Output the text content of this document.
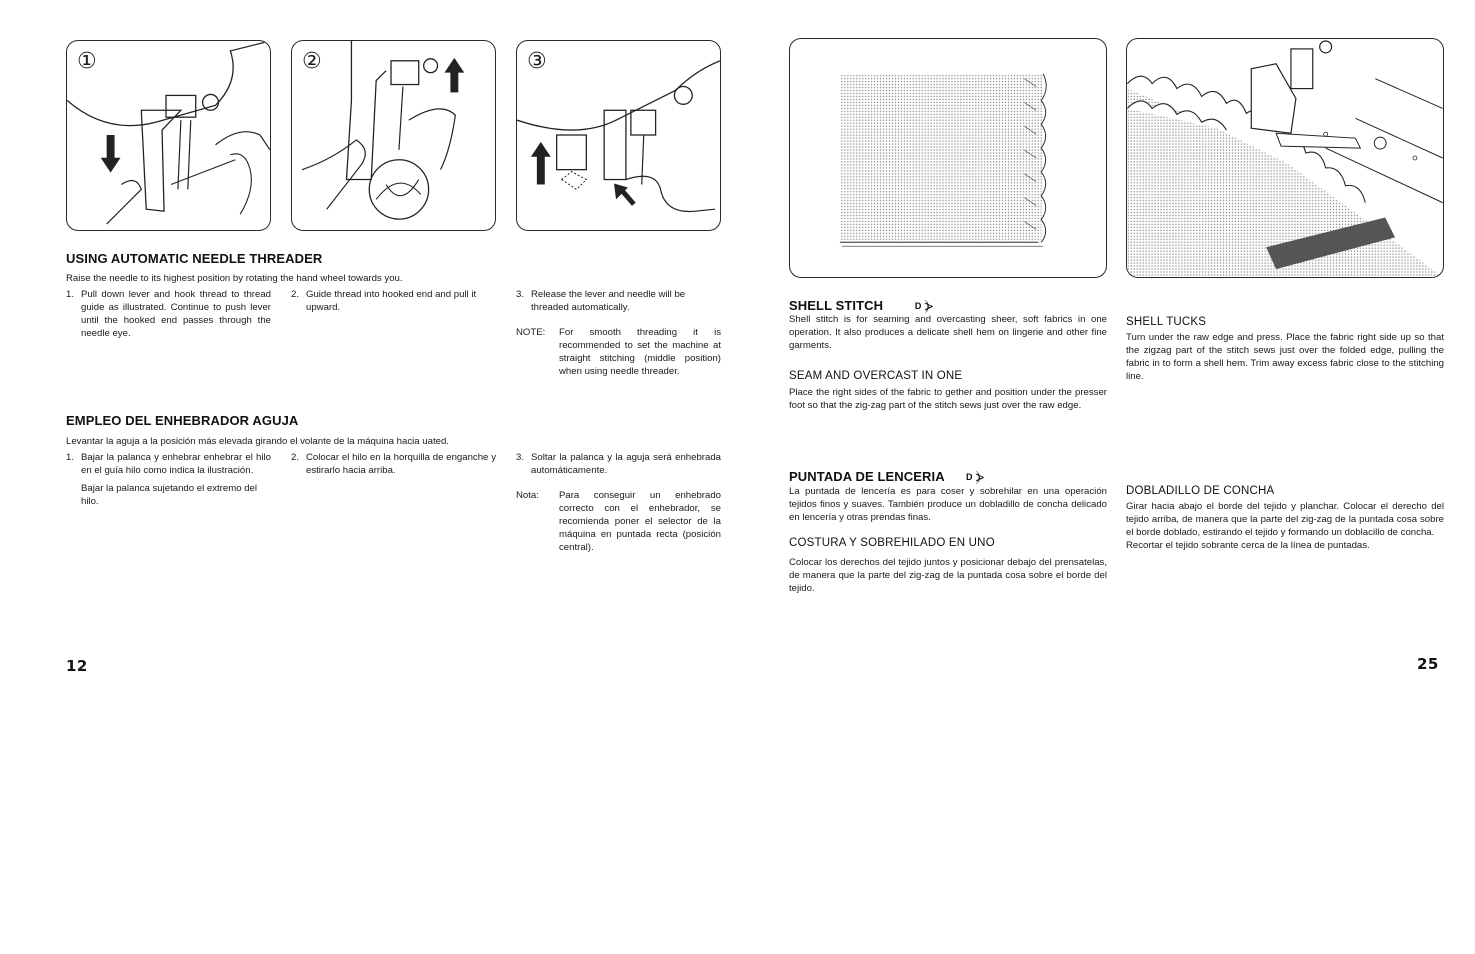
①	②	③
USING AUTOMATIC NEEDLE THREADER

Raise the needle to its highest position by rotating the hand wheel towards you.

1. Pull down lever and hook thread to thread guide as illustrated. Continue to push lever until the hooked end passes through the needle eye.
2. Guide thread into hooked end and pull it upward.
3. Release the lever and needle will be threaded automatically.
NOTE: For smooth threading it is recommended to set the machine at straight stitching (middle position) when using needle threader.
EMPLEO DEL ENHEBRADOR AGUJA

Levantar la aguja a la posición más elevada girando el volante de la máquina hacia uated.

1. Bajar la palanca y enhebrar enhebrar el hilo en el guía hilo como indica la ilustración.
Bajar la palanca sujetando el extremo del hilo.
2. Colocar el hilo en la horquilla de enganche y estirarlo hacia arriba.
3. Soltar la palanca y la aguja será enhebrada automáticamente.
Nota: Para conseguir un enhebrado correcto con el enhebrador, se recomienda poner el selector de la máquina en puntada recta (posición central).
12
SHELL STITCH	D ⦔

Shell stitch is for seaming and overcasting sheer, soft fabrics in one operation. It also produces a delicate shell hem on lingerie and other fine garments.

SEAM AND OVERCAST IN ONE

Place the right sides of the fabric to gether and position under the presser foot so that the zig-zag part of the stitch sews just over the raw edge.

SHELL TUCKS

Turn under the raw edge and press. Place the fabric right side up so that the zigzag part of the stitch sews just over the folded edge, pulling the fabric in to form a shell hem. Trim away excess fabric close to the stitching line.

PUNTADA DE LENCERIA D ⦔

La puntada de lencería es para coser y sobrehilar en una operación tejidos finos y suaves. También produce un dobladillo de concha delicado en lencería y otras prendas finas.

COSTURA Y SOBREHILADO EN UNO

Colocar los derechos del tejido juntos y posicionar debajo del prensatelas, de manera que la parte del zig-zag de la puntada cosa sobre el borde del tejido.

DOBLADILLO DE CONCHA

Girar hacia abajo el borde del tejido y planchar. Colocar el derecho del tejido arriba, de manera que la parte del zig-zag de la puntada cosa sobre el borde doblado, estirando el tejido y formando un doblacillo de concha.
Recortar el tejido sobrante cerca de la línea de puntadas.
25
